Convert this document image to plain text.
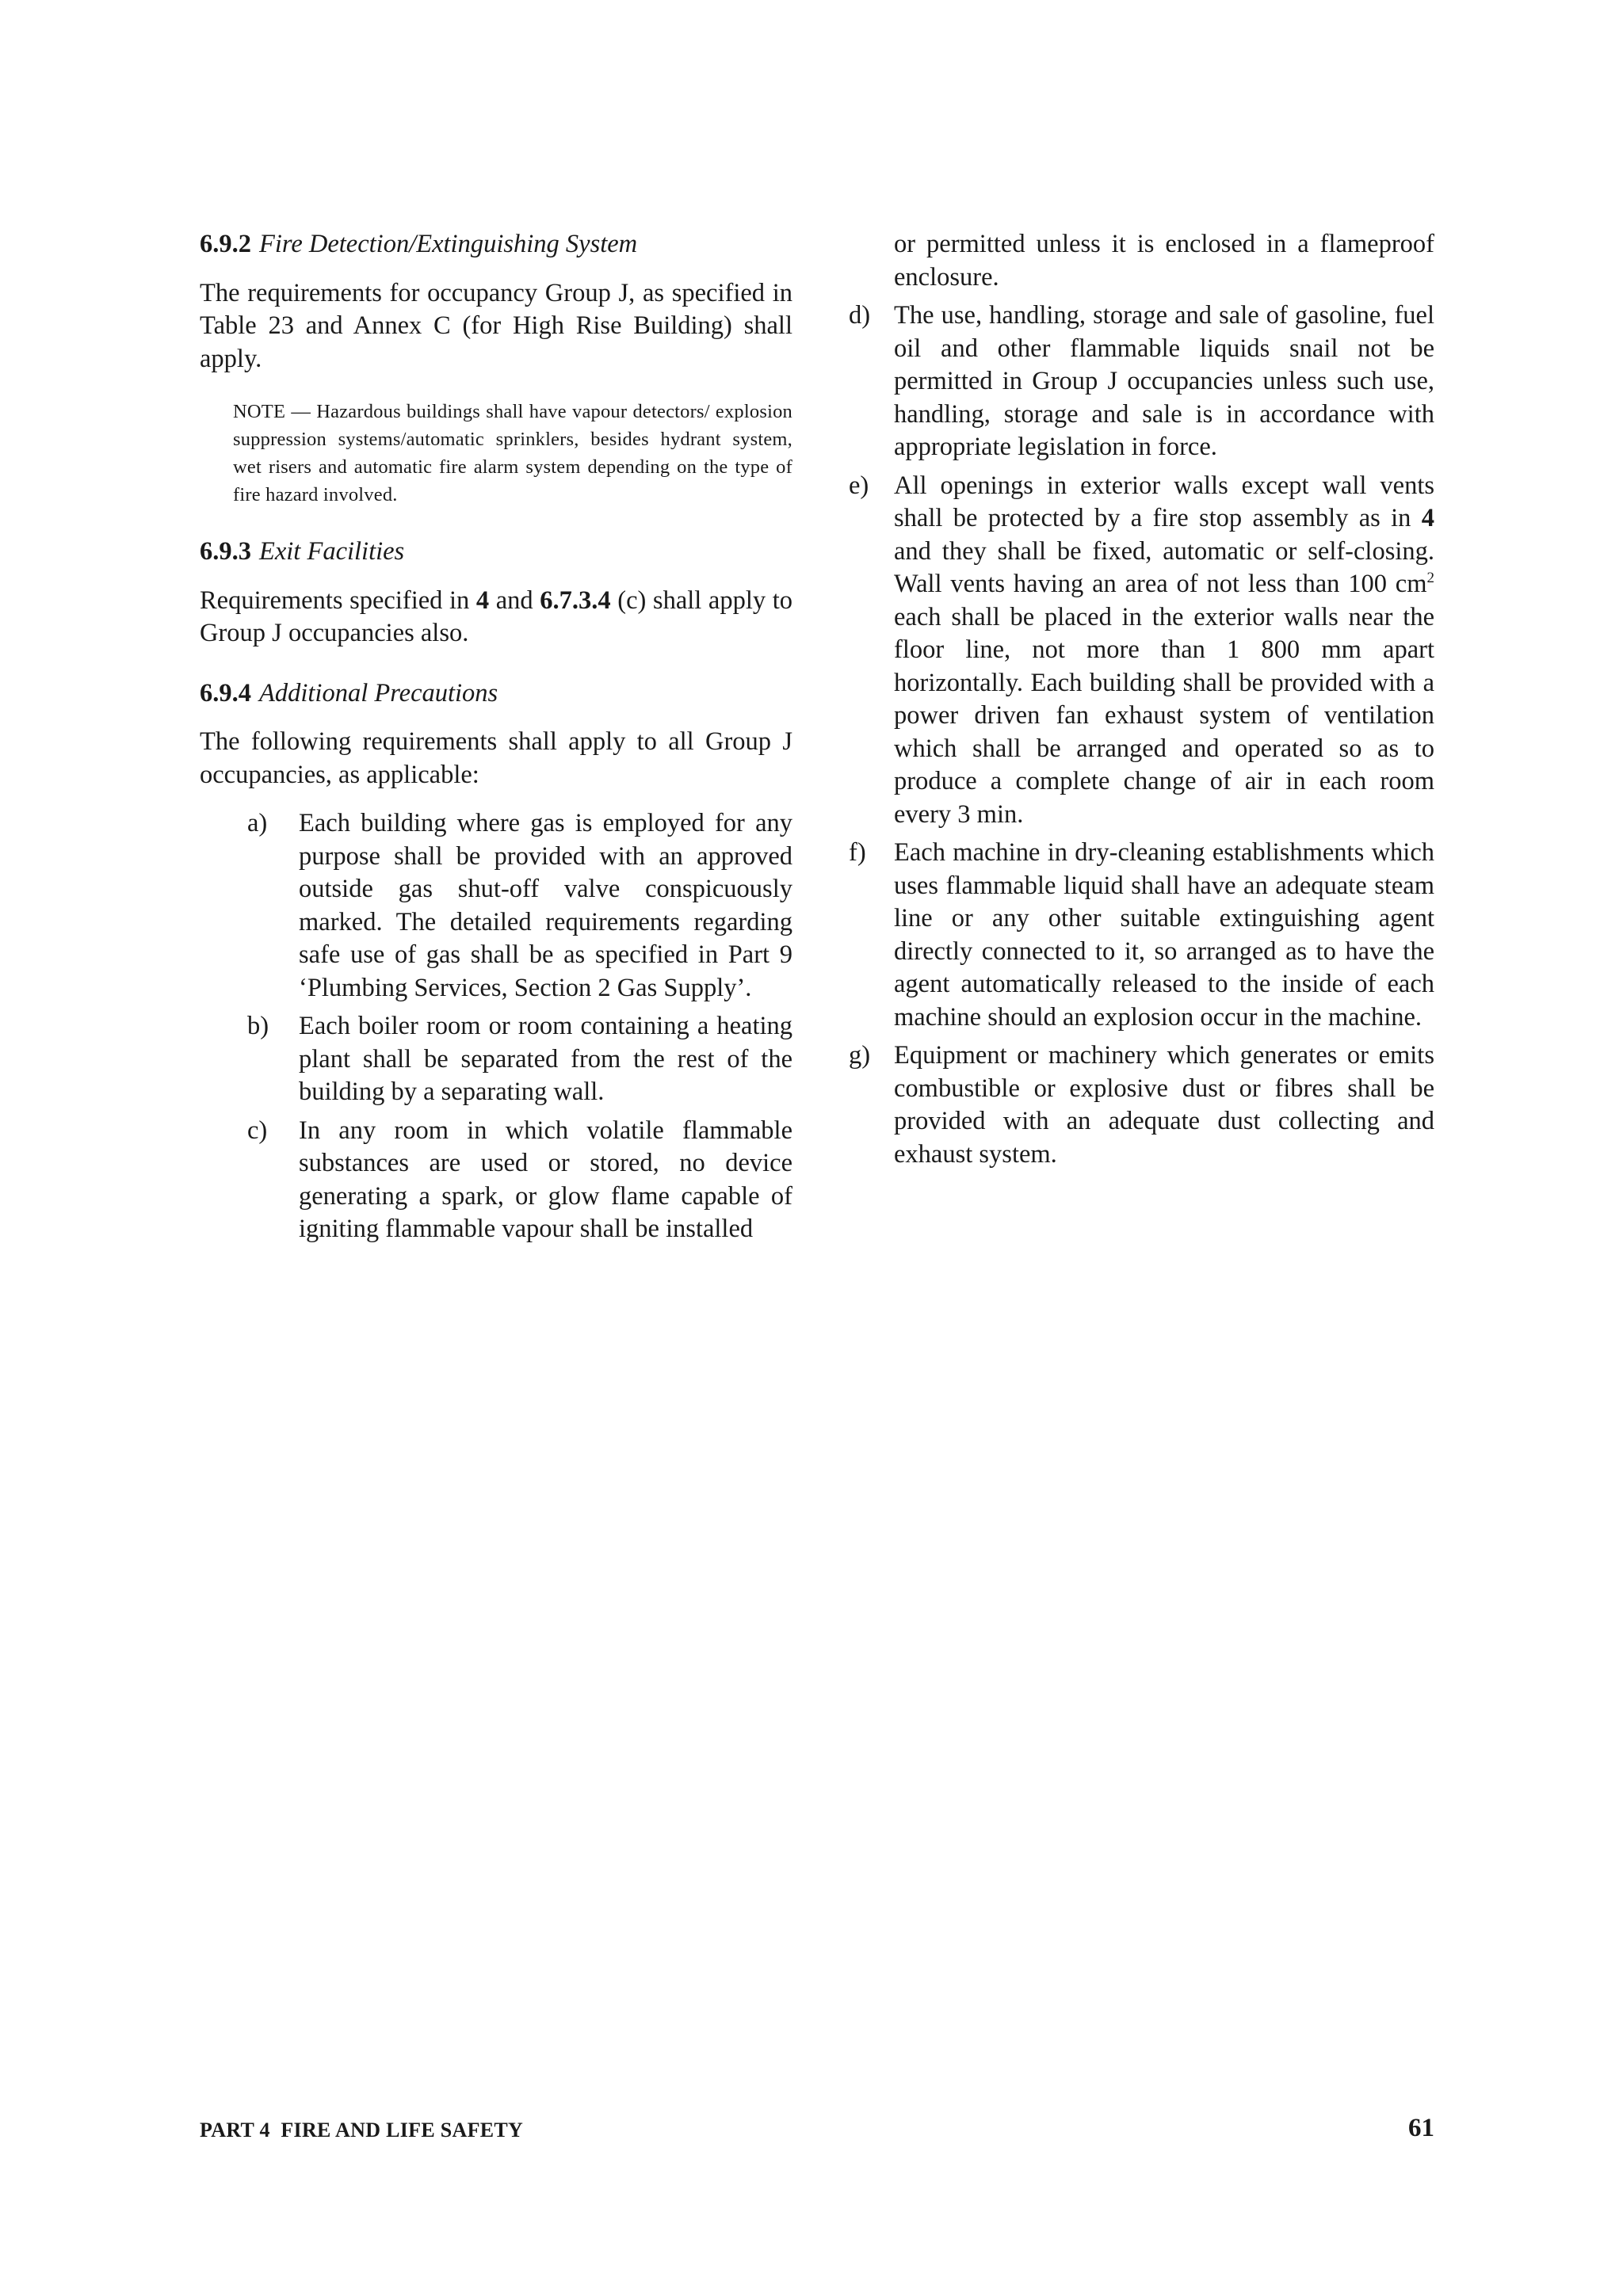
6.9.2 Fire Detection/Extinguishing System

The requirements for occupancy Group J, as specified in Table 23 and Annex C (for High Rise Building) shall apply.

NOTE — Hazardous buildings shall have vapour detectors/ explosion suppression systems/automatic sprinklers, besides hydrant system, wet risers and automatic fire alarm system depending on the type of fire hazard involved.

6.9.3 Exit Facilities

Requirements specified in 4 and 6.7.3.4 (c) shall apply to Group J occupancies also.

6.9.4 Additional Precautions

The following requirements shall apply to all Group J occupancies, as applicable:

a) Each building where gas is employed for any purpose shall be provided with an approved outside gas shut-off valve conspicuously marked. The detailed requirements regarding safe use of gas shall be as specified in Part 9 ‘Plumbing Services, Section 2 Gas Supply’.
b) Each boiler room or room containing a heating plant shall be separated from the rest of the building by a separating wall.
c) In any room in which volatile flammable substances are used or stored, no device generating a spark, or glow flame capable of igniting flammable vapour shall be installed

or permitted unless it is enclosed in a flameproof enclosure.

d) The use, handling, storage and sale of gasoline, fuel oil and other flammable liquids snail not be permitted in Group J occupancies unless such use, handling, storage and sale is in accordance with appropriate legislation in force.
e) All openings in exterior walls except wall vents shall be protected by a fire stop assembly as in 4 and they shall be fixed, automatic or self-closing. Wall vents having an area of not less than 100 $cm^2$ each shall be placed in the exterior walls near the floor line, not more than 1 800 mm apart horizontally. Each building shall be provided with a power driven fan exhaust system of ventilation which shall be arranged and operated so as to produce a complete change of air in each room every 3 min.
f) Each machine in dry-cleaning establishments which uses flammable liquid shall have an adequate steam line or any other suitable extinguishing agent directly connected to it, so arranged as to have the agent automatically released to the inside of each machine should an explosion occur in the machine.
g) Equipment or machinery which generates or emits combustible or explosive dust or fibres shall be provided with an adequate dust collecting and exhaust system.
PART 4  FIRE AND LIFE SAFETY	61
